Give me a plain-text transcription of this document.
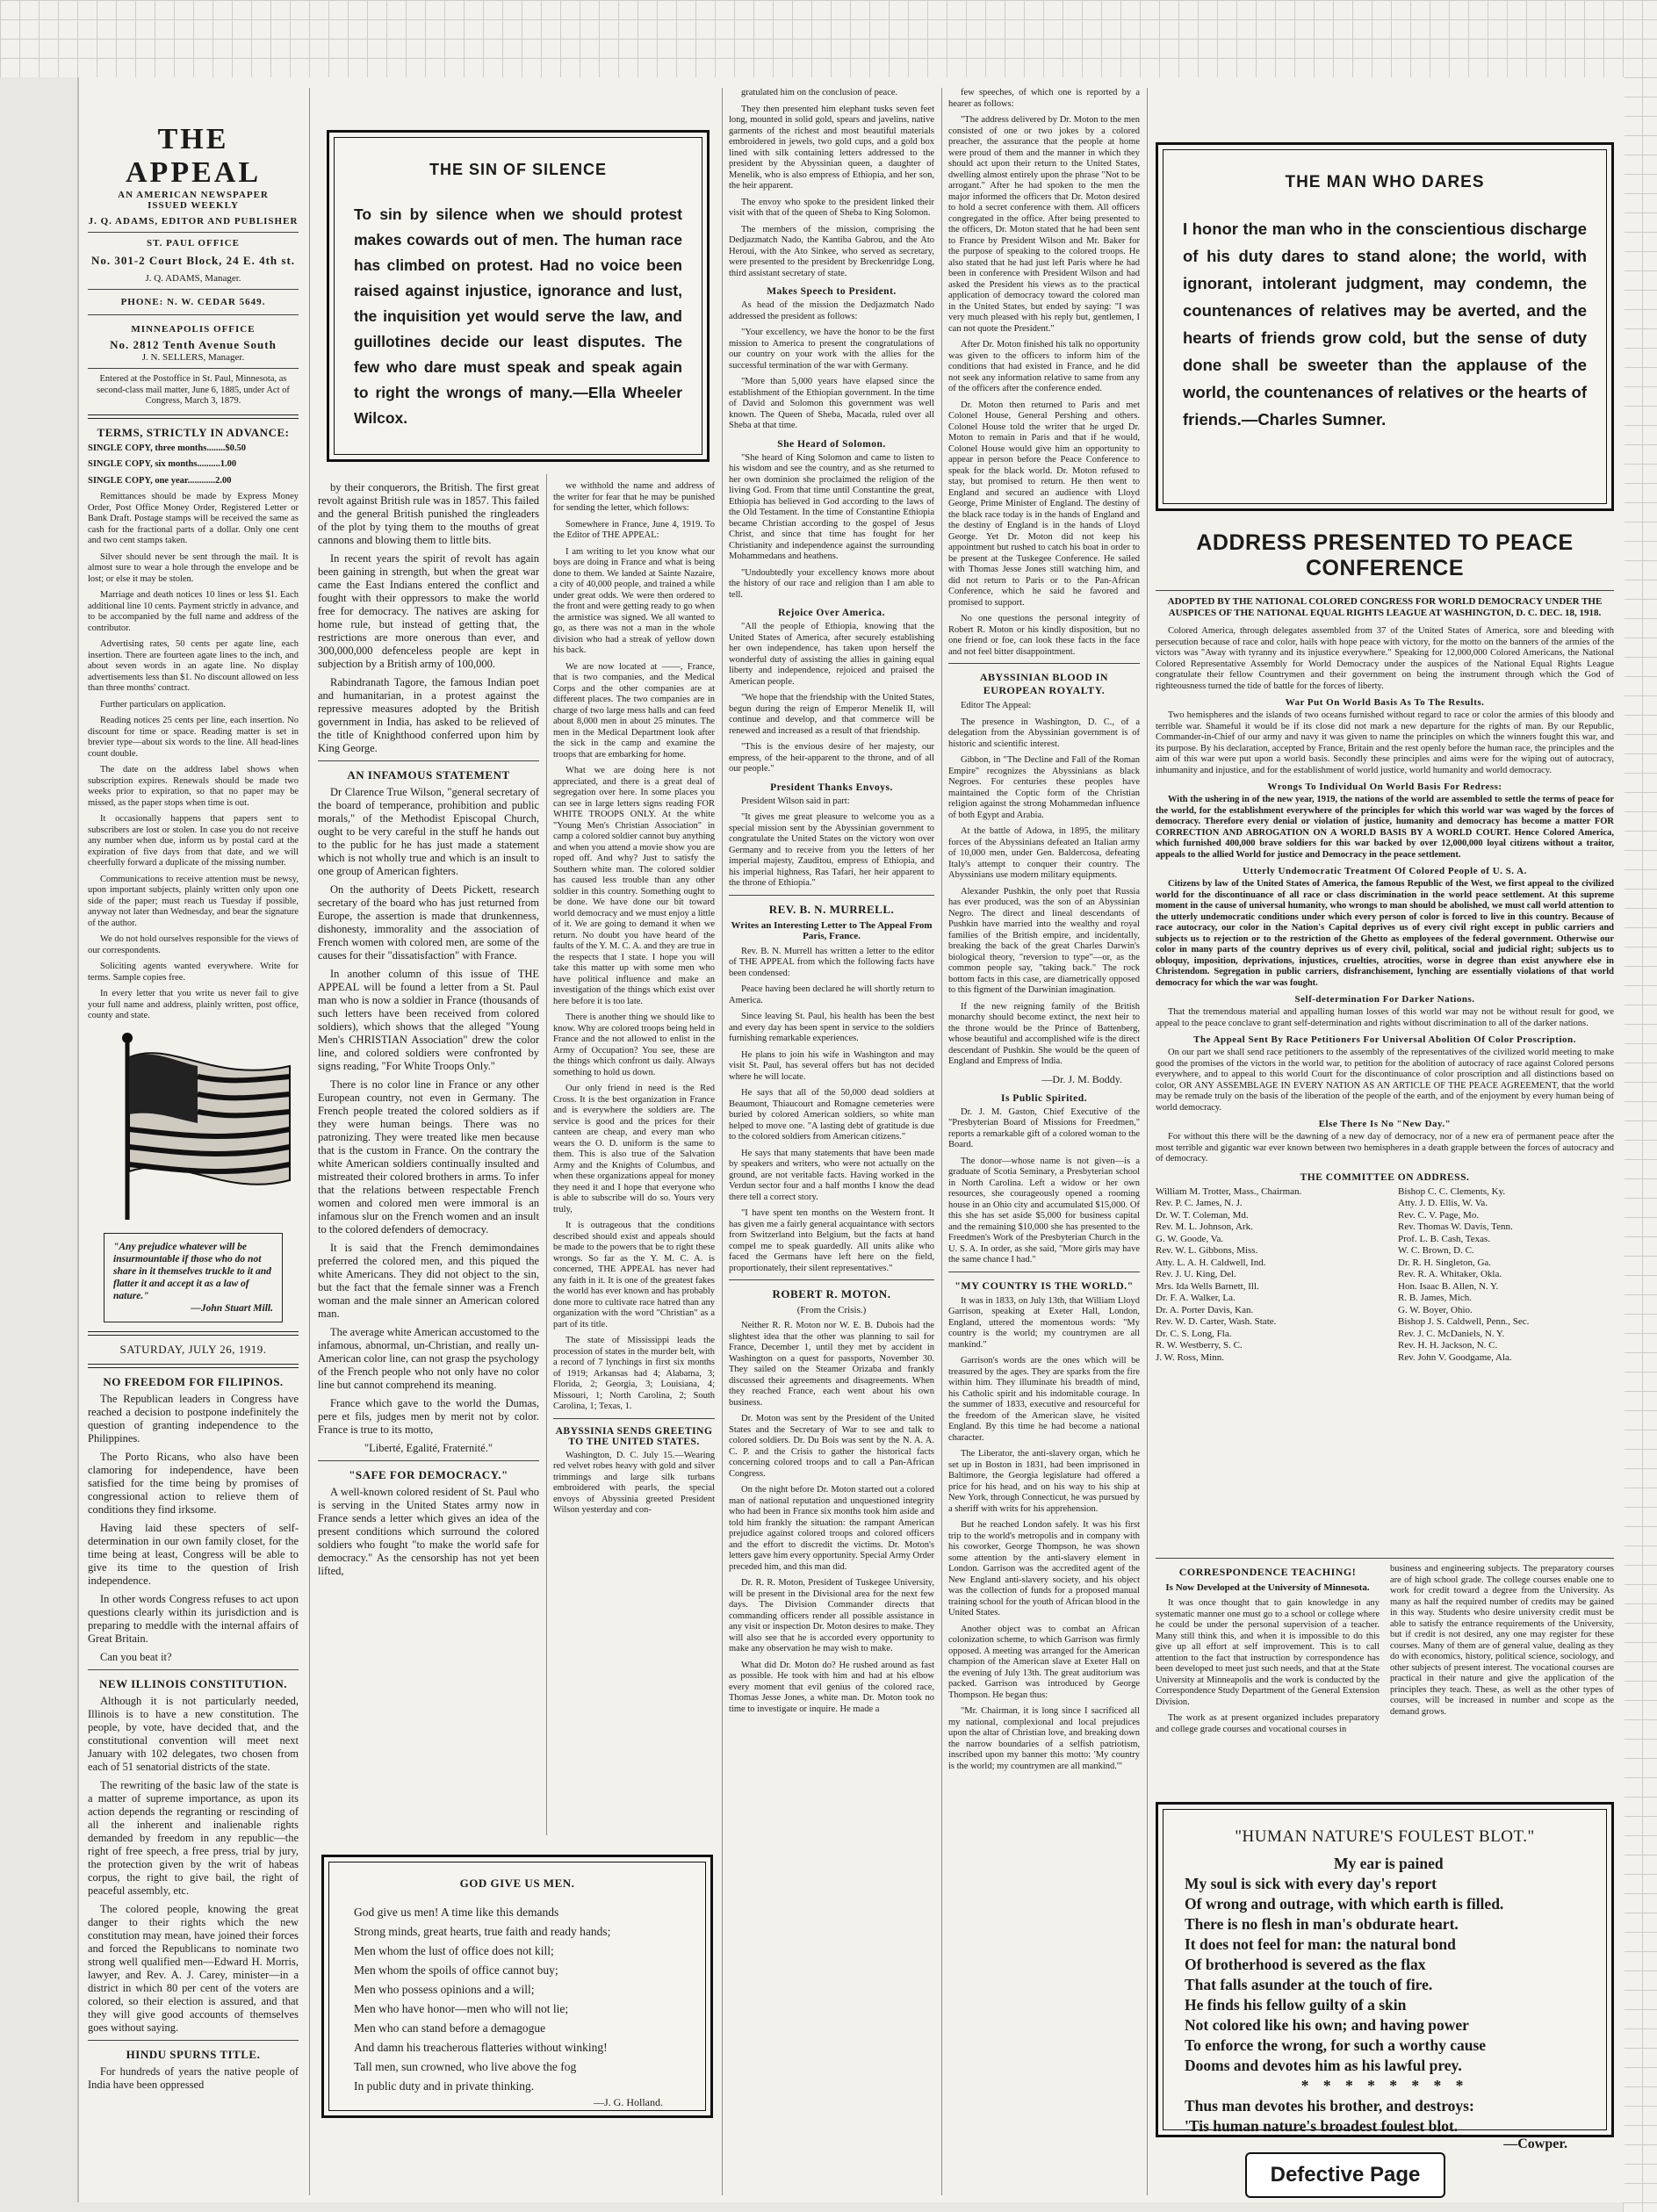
THE APPEAL
AN AMERICAN NEWSPAPER
ISSUED WEEKLY
J. Q. ADAMS, EDITOR AND PUBLISHER
ST. PAUL OFFICE
No. 301-2 Court Block, 24 E. 4th st.
J. Q. ADAMS, Manager.
PHONE: N. W. CEDAR 5649.
MINNEAPOLIS OFFICE
No. 2812 Tenth Avenue South
J. N. SELLERS, Manager.

Entered at the Postoffice in St. Paul, Minnesota, as second-class mail matter, June 6, 1885, under Act of Congress, March 3, 1879.

TERMS, STRICTLY IN ADVANCE:

SINGLE COPY, three months........$0.50

SINGLE COPY, six months..........1.00

SINGLE COPY, one year............2.00

Remittances should be made by Express Money Order, Post Office Money Order, Registered Letter or Bank Draft. Postage stamps will be received the same as cash for the fractional parts of a dollar. Only one cent and two cent stamps taken.

Silver should never be sent through the mail. It is almost sure to wear a hole through the envelope and be lost; or else it may be stolen.

Marriage and death notices 10 lines or less $1. Each additional line 10 cents. Payment strictly in advance, and to be accompanied by the full name and address of the contributor.

Advertising rates, 50 cents per agate line, each insertion. There are fourteen agate lines to the inch, and about seven words in an agate line. No display advertisements less than $1. No discount allowed on less than three months' contract.

Further particulars on application.

Reading notices 25 cents per line, each insertion. No discount for time or space. Reading matter is set in brevier type—about six words to the line. All head-lines count double.

The date on the address label shows when subscription expires. Renewals should be made two weeks prior to expiration, so that no paper may be missed, as the paper stops when time is out.

It occasionally happens that papers sent to subscribers are lost or stolen. In case you do not receive any number when due, inform us by postal card at the expiration of five days from that date, and we will cheerfully forward a duplicate of the missing number.

Communications to receive attention must be newsy, upon important subjects, plainly written only upon one side of the paper; must reach us Tuesday if possible, anyway not later than Wednesday, and bear the signature of the author.

We do not hold ourselves responsible for the views of our correspondents.

Soliciting agents wanted everywhere. Write for terms. Sample copies free.

In every letter that you write us never fail to give your full name and address, plainly written, post office, county and state.

"Any prejudice whatever will be insurmountable if those who do not share in it themselves truckle to it and flatter it and accept it as a law of nature."
—John Stuart Mill.
SATURDAY, JULY 26, 1919.
NO FREEDOM FOR FILIPINOS.

The Republican leaders in Congress have reached a decision to postpone indefinitely the question of granting independence to the Philippines.

The Porto Ricans, who also have been clamoring for independence, have been satisfied for the time being by promises of congressional action to relieve them of conditions they find irksome.

Having laid these specters of self-determination in our own family closet, for the time being at least, Congress will be able to give its time to the question of Irish independence.

In other words Congress refuses to act upon questions clearly within its jurisdiction and is preparing to meddle with the internal affairs of Great Britain.

Can you beat it?

NEW ILLINOIS CONSTITUTION.

Although it is not particularly needed, Illinois is to have a new constitution. The people, by vote, have decided that, and the constitutional convention will meet next January with 102 delegates, two chosen from each of 51 senatorial districts of the state.

The rewriting of the basic law of the state is a matter of supreme importance, as upon its action depends the regranting or rescinding of all the inherent and inalienable rights demanded by freedom in any republic—the right of free speech, a free press, trial by jury, the protection given by the writ of habeas corpus, the right to give bail, the right of peaceful assembly, etc.

The colored people, knowing the great danger to their rights which the new constitution may mean, have joined their forces and forced the Republicans to nominate two strong well qualified men—Edward H. Morris, lawyer, and Rev. A. J. Carey, minister—in a district in which 80 per cent of the voters are colored, so their election is assured, and that they will give good accounts of themselves goes without saying.

HINDU SPURNS TITLE.

For hundreds of years the native people of India have been oppressed

THE SIN OF SILENCE
To sin by silence when we should protest makes cowards out of men. The human race has climbed on protest. Had no voice been raised against injustice, ignorance and lust, the inquisition yet would serve the law, and guillotines decide our least disputes. The few who dare must speak and speak again to right the wrongs of many.—Ella Wheeler Wilcox.

by their conquerors, the British. The first great revolt against British rule was in 1857. This failed and the general British punished the ringleaders of the plot by tying them to the mouths of great cannons and blowing them to little bits.

In recent years the spirit of revolt has again been gaining in strength, but when the great war came the East Indians entered the conflict and fought with their oppressors to make the world free for democracy. The natives are asking for home rule, but instead of getting that, the restrictions are more onerous than ever, and 300,000,000 defenceless people are kept in subjection by a British army of 100,000.

Rabindranath Tagore, the famous Indian poet and humanitarian, in a protest against the repressive measures adopted by the British government in India, has asked to be relieved of the title of Knighthood conferred upon him by King George.

AN INFAMOUS STATEMENT

Dr Clarence True Wilson, "general secretary of the board of temperance, prohibition and public morals," of the Methodist Episcopal Church, ought to be very careful in the stuff he hands out to the public for he has just made a statement which is not wholly true and which is an insult to one group of American fighters.

On the authority of Deets Pickett, research secretary of the board who has just returned from Europe, the assertion is made that drunkenness, dishonesty, immorality and the association of French women with colored men, are some of the causes for their "dissatisfaction" with France.

In another column of this issue of THE APPEAL will be found a letter from a St. Paul man who is now a soldier in France (thousands of such letters have been received from colored soldiers), which shows that the alleged "Young Men's CHRISTIAN Association" drew the color line, and colored soldiers were confronted by signs reading, "For White Troops Only."

There is no color line in France or any other European country, not even in Germany. The French people treated the colored soldiers as if they were human beings. There was no patronizing. They were treated like men because that is the custom in France. On the contrary the white American soldiers continually insulted and mistreated their colored brothers in arms. To infer that the relations between respectable French women and colored men were immoral is an infamous slur on the French women and an insult to the colored defenders of democracy.

It is said that the French demimondaines preferred the colored men, and this piqued the white Americans. They did not object to the sin, but the fact that the female sinner was a French woman and the male sinner an American colored man.

The average white American accustomed to the infamous, abnormal, un-Christian, and really un-American color line, can not grasp the psychology of the French people who not only have no color line but cannot comprehend its meaning.

France which gave to the world the Dumas, pere et fils, judges men by merit not by color. France is true to its motto,

"Liberté, Egalité, Fraternité."

"SAFE FOR DEMOCRACY."

A well-known colored resident of St. Paul who is serving in the United States army now in France sends a letter which gives an idea of the present conditions which surround the colored soldiers who fought "to make the world safe for democracy." As the censorship has not yet been lifted,

we withhold the name and address of the writer for fear that he may be punished for sending the letter, which follows:

Somewhere in France, June 4, 1919. To the Editor of THE APPEAL:

I am writing to let you know what our boys are doing in France and what is being done to them. We landed at Sainte Nazaire, a city of 40,000 people, and trained a while under great odds. We were then ordered to the front and were getting ready to go when the armistice was signed. We all wanted to go, as there was not a man in the whole division who had a streak of yellow down his back.

We are now located at ——, France, that is two companies, and the Medical Corps and the other companies are at different places. The two companies are in charge of two large mess halls and can feed about 8,000 men in about 25 minutes. The men in the Medical Department look after the sick in the camp and examine the troops that are embarking for home.

What we are doing here is not appreciated, and there is a great deal of segregation over here. In some places you can see in large letters signs reading FOR WHITE TROOPS ONLY. At the white "Young Men's Christian Association" in camp a colored soldier cannot buy anything and when you attend a movie show you are roped off. And why? Just to satisfy the Southern white man. The colored soldier has caused less trouble than any other soldier in this country. Something ought to be done. We have done our bit toward world democracy and we must enjoy a little of it. We are going to demand it when we return. No doubt you have heard of the faults of the Y. M. C. A. and they are true in the respects that I state. I hope you will take this matter up with some men who have political influence and make an investigation of the things which exist over here before it is too late.

There is another thing we should like to know. Why are colored troops being held in France and the not allowed to enlist in the Army of Occupation? You see, these are the things which confront us daily. Always something to hold us down.

Our only friend in need is the Red Cross. It is the best organization in France and is everywhere the soldiers are. The service is good and the prices for their canteen are cheap, and every man who wears the O. D. uniform is the same to them. This is also true of the Salvation Army and the Knights of Columbus, and when these organizations appeal for money they need it and I hope that everyone who is able to subscribe will do so. Yours very truly,

It is outrageous that the conditions described should exist and appeals should be made to the powers that be to right these wrongs. So far as the Y. M. C. A. is concerned, THE APPEAL has never had any faith in it. It is one of the greatest fakes the world has ever known and has probably done more to cultivate race hatred than any organization with the word "Christian" as a part of its title.

The state of Mississippi leads the procession of states in the murder belt, with a record of 7 lynchings in first six months of 1919; Arkansas had 4; Alabama, 3; Florida, 2; Georgia, 3; Louisiana, 4; Missouri, 1; North Carolina, 2; South Carolina, 1; Texas, 1.

ABYSSINIA SENDS GREETING TO THE UNITED STATES.

Washington, D. C. July 15.—Wearing red velvet robes heavy with gold and silver trimmings and large silk turbans embroidered with pearls, the special envoys of Abyssinia greeted President Wilson yesterday and con-

GOD GIVE US MEN.
God give us men! A time like this demands
Strong minds, great hearts, true faith and ready hands;
Men whom the lust of office does not kill;
Men whom the spoils of office cannot buy;
Men who possess opinions and a will;
Men who have honor—men who will not lie;
Men who can stand before a demagogue
And damn his treacherous flatteries without winking!
Tall men, sun crowned, who live above the fog
In public duty and in private thinking.
—J. G. Holland.

gratulated him on the conclusion of peace.

They then presented him elephant tusks seven feet long, mounted in solid gold, spears and javelins, native garments of the richest and most beautiful materials embroidered in jewels, two gold cups, and a gold box lined with silk containing letters addressed to the president by the Abyssinian queen, a daughter of Menelik, who is also empress of Ethiopia, and her son, the heir apparent.

The envoy who spoke to the president linked their visit with that of the queen of Sheba to King Solomon.

The members of the mission, comprising the Dedjazmatch Nado, the Kantiba Gabrou, and the Ato Heroui, with the Ato Sinkee, who served as secretary, were presented to the president by Breckenridge Long, third assistant secretary of state.

Makes Speech to President.

As head of the mission the Dedjazmatch Nado addressed the president as follows:

"Your excellency, we have the honor to be the first mission to America to present the congratulations of our country on your work with the allies for the successful termination of the war with Germany.

"More than 5,000 years have elapsed since the establishment of the Ethiopian government. In the time of David and Solomon this government was well known. The Queen of Sheba, Macada, ruled over all Sheba at that time.

She Heard of Solomon.

"She heard of King Solomon and came to listen to his wisdom and see the country, and as she returned to her own dominion she proclaimed the religion of the living God. From that time until Constantine the great, Ethiopia has believed in God according to the laws of the Old Testament. In the time of Constantine Ethiopia became Christian according to the gospel of Jesus Christ, and since that time has fought for her Christianity and independence against the surrounding Mohammedans and heathens.

"Undoubtedly your excellency knows more about the history of our race and religion than I am able to tell.

Rejoice Over America.

"All the people of Ethiopia, knowing that the United States of America, after securely establishing her own independence, has taken upon herself the wonderful duty of assisting the allies in gaining equal liberty and independence, rejoiced and praised the American people.

"We hope that the friendship with the United States, begun during the reign of Emperor Menelik II, will continue and develop, and that commerce will be renewed and increased as a result of that friendship.

"This is the envious desire of her majesty, our empress, of the heir-apparent to the throne, and of all our people."

President Thanks Envoys.

President Wilson said in part:

"It gives me great pleasure to welcome you as a special mission sent by the Abyssinian government to congratulate the United States on the victory won over Germany and to receive from you the letters of her imperial majesty, Zauditou, empress of Ethiopia, and his imperial highness, Ras Tafari, her heir apparent to the throne of Ethiopia."

REV. B. N. MURRELL.
Writes an Interesting Letter to The Appeal From Paris, France.

Rev. B. N. Murrell has written a letter to the editor of THE APPEAL from which the following facts have been condensed:

Peace having been declared he will shortly return to America.

Since leaving St. Paul, his health has been the best and every day has been spent in service to the soldiers furnishing remarkable experiences.

He plans to join his wife in Washington and may visit St. Paul, has several offers but has not decided where he will locate.

He says that all of the 50,000 dead soldiers at Beaumont, Thiaucourt and Romagne cemeteries were buried by colored American soldiers, so white man helped to move one. "A lasting debt of gratitude is due to the colored soldiers from American citizens."

He says that many statements that have been made by speakers and writers, who were not actually on the ground, are not veritable facts. Having worked in the Verdun sector four and a half months I know the dead there tell a correct story.

"I have spent ten months on the Western front. It has given me a fairly general acquaintance with sectors from Switzerland into Belgium, but the facts at hand compel me to speak guardedly. All units alike who faced the Germans have left here on the field, proportionately, their silent representatives."

ROBERT R. MOTON.
(From the Crisis.)

Neither R. R. Moton nor W. E. B. Dubois had the slightest idea that the other was planning to sail for France, December 1, until they met by accident in Washington on a quest for passports, November 30. They sailed on the Steamer Orizaba and frankly discussed their agreements and disagreements. When they reached France, each went about his own business.

Dr. Moton was sent by the President of the United States and the Secretary of War to see and talk to colored soldiers. Dr. Du Bois was sent by the N. A. A. C. P. and the Crisis to gather the historical facts concerning colored troops and to call a Pan-African Congress.

On the night before Dr. Moton started out a colored man of national reputation and unquestioned integrity who had been in France six months took him aside and told him frankly the situation: the rampant American prejudice against colored troops and colored officers and the effort to discredit the victims. Dr. Moton's letters gave him every opportunity. Special Army Order preceded him, and this man did.

Dr. R. R. Moton, President of Tuskegee University, will be present in the Divisional area for the next few days. The Division Commander directs that commanding officers render all possible assistance in any visit or inspection Dr. Moton desires to make. They will also see that he is accorded every opportunity to make any observation he may wish to make.

What did Dr. Moton do? He rushed around as fast as possible. He took with him and had at his elbow every moment that evil genius of the colored race, Thomas Jesse Jones, a white man. Dr. Moton took no time to investigate or inquire. He made a

few speeches, of which one is reported by a hearer as follows:

"The address delivered by Dr. Moton to the men consisted of one or two jokes by a colored preacher, the assurance that the people at home were proud of them and the manner in which they should act upon their return to the United States, dwelling almost entirely upon the phrase "Not to be arrogant." After he had spoken to the men the major informed the officers that Dr. Moton desired to hold a secret conference with them. All officers congregated in the office. After being presented to the officers, Dr. Moton stated that he had been sent to France by President Wilson and Mr. Baker for the purpose of speaking to the colored troops. He also stated that he had just left Paris where he had been in conference with President Wilson and had asked the President his views as to the practical application of democracy toward the colored man in the United States, but ended by saying: "I was very much pleased with his reply but, gentlemen, I can not quote the President."

After Dr. Moton finished his talk no opportunity was given to the officers to inform him of the conditions that had existed in France, and he did not seek any information relative to same from any of the officers after the conference ended.

Dr. Moton then returned to Paris and met Colonel House, General Pershing and others. Colonel House told the writer that he urged Dr. Moton to remain in Paris and that if he would, Colonel House would give him an opportunity to appear in person before the Peace Conference to speak for the black world. Dr. Moton refused to stay, but promised to return. He then went to England and secured an audience with Lloyd George, Prime Minister of England. The destiny of the black race today is in the hands of England and the destiny of England is in the hands of Lloyd George. Yet Dr. Moton did not keep his appointment but rushed to catch his boat in order to be present at the Tuskegee Conference. He sailed with Thomas Jesse Jones still watching him, and did not return to Paris or to the Pan-African Conference, which he said he favored and promised to support.

No one questions the personal integrity of Robert R. Moton or his kindly disposition, but no one friend or foe, can look these facts in the face and not feel bitter disappointment.

ABYSSINIAN BLOOD IN EUROPEAN ROYALTY.

Editor The Appeal:

The presence in Washington, D. C., of a delegation from the Abyssinian government is of historic and scientific interest.

Gibbon, in "The Decline and Fall of the Roman Empire" recognizes the Abyssinians as black Negroes. For centuries these peoples have maintained the Coptic form of the Christian religion against the strong Mohammedan influence of both Egypt and Arabia.

At the battle of Adowa, in 1895, the military forces of the Abyssinians defeated an Italian army of 10,000 men, under Gen. Baldercosa, defeating Italy's attempt to conquer their country. The Abyssinians use modern military equipments.

Alexander Pushkin, the only poet that Russia has ever produced, was the son of an Abyssinian Negro. The direct and lineal descendants of Pushkin have married into the wealthy and royal families of the British empire, and incidentally, breaking the back of the great Charles Darwin's biological theory, "reversion to type"—or, as the common people say, "taking back." The rock bottom facts in this case, are diametrically opposed to this figment of the Darwinian imagination.

If the new reigning family of the British monarchy should become extinct, the next heir to the throne would be the Prince of Battenberg, whose beautiful and accomplished wife is the direct descendant of Pushkin. She would be the queen of England and Empress of India.

—Dr. J. M. Boddy.
Is Public Spirited.

Dr. J. M. Gaston, Chief Executive of the "Presbyterian Board of Missions for Freedmen," reports a remarkable gift of a colored woman to the Board.

The donor—whose name is not given—is a graduate of Scotia Seminary, a Presbyterian school in North Carolina. Left a widow or her own resources, she courageously opened a rooming house in an Ohio city and accumulated $15,000. Of this she has set aside $5,000 for business capital and the remaining $10,000 she has presented to the Freedmen's Work of the Presbyterian Church in the U. S. A. In order, as she said, "More girls may have the same chance I had."

"MY COUNTRY IS THE WORLD."

It was in 1833, on July 13th, that William Lloyd Garrison, speaking at Exeter Hall, London, England, uttered the momentous words: "My country is the world; my countrymen are all mankind."

Garrison's words are the ones which will be treasured by the ages. They are sparks from the fire within him. They illuminate his breadth of mind, his Catholic spirit and his indomitable courage. In the summer of 1833, executive and resourceful for the freedom of the American slave, he visited England. By this time he had become a national character.

The Liberator, the anti-slavery organ, which he set up in Boston in 1831, had been imprisoned in Baltimore, the Georgia legislature had offered a price for his head, and on his way to his ship at New York, through Connecticut, he was pursued by a sheriff with writs for his apprehension.

But he reached London safely. It was his first trip to the world's metropolis and in company with his coworker, George Thompson, he was shown some attention by the anti-slavery element in London. Garrison was the accredited agent of the New England anti-slavery society, and his object was the collection of funds for a proposed manual training school for the youth of African blood in the United States.

Another object was to combat an African colonization scheme, to which Garrison was firmly opposed. A meeting was arranged for the American champion of the American slave at Exeter Hall on the evening of July 13th. The great auditorium was packed. Garrison was introduced by George Thompson. He began thus:

"Mr. Chairman, it is long since I sacrificed all my national, complexional and local prejudices upon the altar of Christian love, and breaking down the narrow boundaries of a selfish patriotism, inscribed upon my banner this motto: 'My country is the world; my countrymen are all mankind.'"

THE MAN WHO DARES
I honor the man who in the conscientious discharge of his duty dares to stand alone; the world, with ignorant, intolerant judgment, may condemn, the countenances of relatives may be averted, and the hearts of friends grow cold, but the sense of duty done shall be sweeter than the applause of the world, the countenances of relatives or the hearts of friends.—Charles Sumner.
ADDRESS PRESENTED TO PEACE CONFERENCE
ADOPTED BY THE NATIONAL COLORED CONGRESS FOR WORLD DEMOCRACY UNDER THE AUSPICES OF THE NATIONAL EQUAL RIGHTS LEAGUE AT WASHINGTON, D. C. DEC. 18, 1918.

Colored America, through delegates assembled from 37 of the United States of America, sore and bleeding with persecution because of race and color, hails with hope peace with victory, for the motto on the banners of the armies of the victors was "Away with tyranny and its injustice everywhere." Speaking for 12,000,000 Colored Americans, the National Colored Representative Assembly for World Democracy under the auspices of the National Equal Rights League congratulate their fellow Countrymen and their government on being the instrument through which the God of righteousness turned the tide of battle for the forces of liberty.

War Put On World Basis As To The Results.

Two hemispheres and the islands of two oceans furnished without regard to race or color the armies of this bloody and terrible war. Shameful it would be if its close did not mark a new departure for the rights of man. By our Republic, Commander-in-Chief of our army and navy it was given to name the principles on which the winners fought this war, and its purpose. By his declaration, accepted by France, Britain and the rest openly before the human race, the principles and the aim of this war were put upon a world basis. Secondly these principles and aims were for the wiping out of autocracy, inhumanity and injustice, and for the establishment of world justice, world humanity and world democracy.

Wrongs To Individual On World Basis For Redress:

With the ushering in of the new year, 1919, the nations of the world are assembled to settle the terms of peace for the world, for the establishment everywhere of the principles for which this world war was waged by the forces of democracy. Therefore every denial or violation of justice, humanity and democracy has become a matter FOR CORRECTION AND ABROGATION ON A WORLD BASIS BY A WORLD COURT. Hence Colored America, which furnished 400,000 brave soldiers for this war backed by over 12,000,000 loyal citizens without a traitor, appeals to the allied World for justice and Democracy in the peace settlement.

Utterly Undemocratic Treatment Of Colored People of U. S. A.

Citizens by law of the United States of America, the famous Republic of the West, we first appeal to the civilized world for the discontinuance of all race or class discrimination in the world peace settlement. At this supreme moment in the cause of universal humanity, who wrongs to man should be abolished, we must call world attention to the utterly undemocratic conditions under which every person of color is forced to live in this country. Because of race autocracy, our color in the Nation's Capital deprives us of every civil right except in public carriers and subjects us to rejection or to the restriction of the Ghetto as employees of the federal government. Otherwise our color in many parts of the country deprives us of every civil, political, social and judicial right; subjects us to obloquy, imposition, deprivations, injustices, cruelties, atrocities, worse in degree than exist anywhere else in Christendom. Segregation in public carriers, disfranchisement, lynching are essentially violations of that world democracy for which the war was fought.

Self-determination For Darker Nations.

That the tremendous material and appalling human losses of this world war may not be without result for good, we appeal to the peace conclave to grant self-determination and rights without discrimination to all of the darker nations.

The Appeal Sent By Race Petitioners For Universal Abolition Of Color Proscription.

On our part we shall send race petitioners to the assembly of the representatives of the civilized world meeting to make good the promises of the victors in the world war, to petition for the abolition of autocracy of race against Colored persons everywhere, and to appeal to this world Court for the discontinuance of color proscription and all distinctions based on color, OR ANY ASSEMBLAGE IN EVERY NATION AS AN ARTICLE OF THE PEACE AGREEMENT, that the world may be remade truly on the basis of the liberation of the people of the earth, and of the enjoyment by every human being of world democracy.

Else There Is No "New Day."

For without this there will be the dawning of a new day of democracy, nor of a new era of permanent peace after the most terrible and gigantic war ever known between two hemispheres in a death grapple between the forces of autocracy and of democracy.

THE COMMITTEE ON ADDRESS.
William M. Trotter, Mass., Chairman.
Rev. P. C. James, N. J.
Dr. W. T. Coleman, Md.
Rev. M. L. Johnson, Ark.
G. W. Goode, Va.
Rev. W. L. Gibbons, Miss.
Atty. L. A. H. Caldwell, Ind.
Rev. J. U. King, Del.
Mrs. Ida Wells Barnett, Ill.
Dr. F. A. Walker, La.
Dr. A. Porter Davis, Kan.
Rev. W. D. Carter, Wash. State.
Dr. C. S. Long, Fla.
R. W. Westberry, S. C.
J. W. Ross, Minn.
Bishop C. C. Clements, Ky.
Atty. J. D. Ellis, W. Va.
Rev. C. V. Page, Mo.
Rev. Thomas W. Davis, Tenn.
Prof. L. B. Cash, Texas.
W. C. Brown, D. C.
Dr. R. H. Singleton, Ga.
Rev. R. A. Whitaker, Okla.
Hon. Isaac B. Allen, N. Y.
R. B. James, Mich.
G. W. Boyer, Ohio.
Bishop J. S. Caldwell, Penn., Sec.
Rev. J. C. McDaniels, N. Y.
Rev. H. H. Jackson, N. C.
Rev. John V. Goodgame, Ala.
CORRESPONDENCE TEACHING!
Is Now Developed at the University of Minnesota.

It was once thought that to gain knowledge in any systematic manner one must go to a school or college where he could be under the personal supervision of a teacher. Many still think this, and when it is impossible to do this give up all effort at self improvement. This is to call attention to the fact that instruction by correspondence has been developed to meet just such needs, and that at the State University at Minneapolis and the work is conducted by the Correspondence Study Department of the General Extension Division.

The work as at present organized includes preparatory and college grade courses and vocational courses in

business and engineering subjects. The preparatory courses are of high school grade. The college courses enable one to work for credit toward a degree from the University. As many as half the required number of credits may be gained in this way. Students who desire university credit must be able to satisfy the entrance requirements of the University, but if credit is not desired, any one may register for these courses. Many of them are of general value, dealing as they do with economics, history, political science, sociology, and other subjects of present interest. The vocational courses are practical in their nature and give the application of the principles they teach. These, as well as the other types of courses, will be increased in number and scope as the demand grows.

"HUMAN NATURE'S FOULEST BLOT."
My ear is pained
My soul is sick with every day's report
Of wrong and outrage, with which earth is filled.
There is no flesh in man's obdurate heart.
It does not feel for man: the natural bond
Of brotherhood is severed as the flax
That falls asunder at the touch of fire.
He finds his fellow guilty of a skin
Not colored like his own; and having power
To enforce the wrong, for such a worthy cause
Dooms and devotes him as his lawful prey.
* * * * * * * *
Thus man devotes his brother, and destroys:
'Tis human nature's broadest foulest blot.
—Cowper.
Defective Page
